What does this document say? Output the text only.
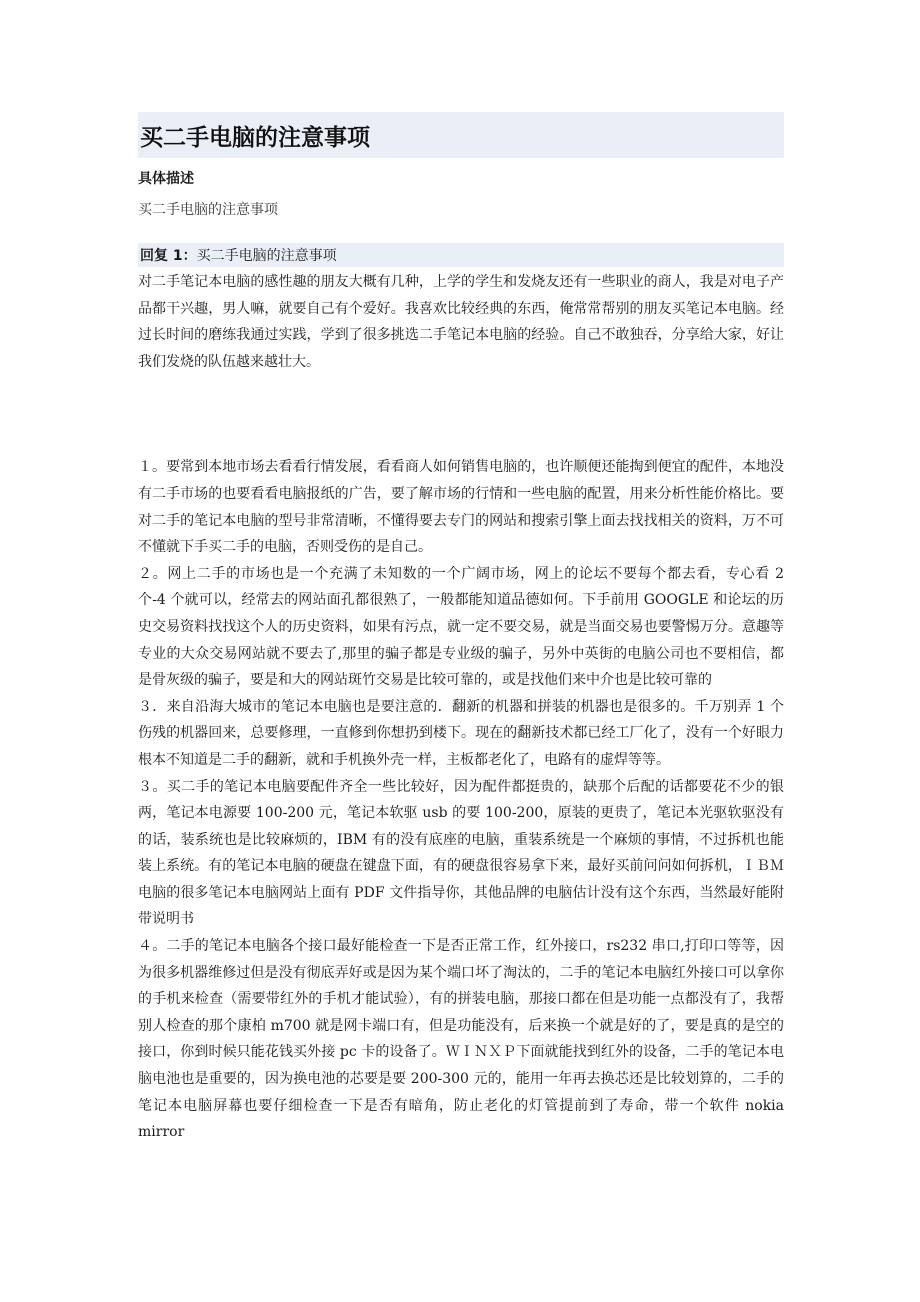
买二手电脑的注意事项
具体描述
买二手电脑的注意事项
回复 1： 买二手电脑的注意事项

对二手笔记本电脑的感性趣的朋友大概有几种，上学的学生和发烧友还有一些职业的商人，我是对电子产品都干兴趣，男人嘛，就要自己有个爱好。我喜欢比较经典的东西，俺常常帮别的朋友买笔记本电脑。经过长时间的磨练我通过实践，学到了很多挑选二手笔记本电脑的经验。自己不敢独吞，分享给大家，好让我们发烧的队伍越来越壮大。

１。要常到本地市场去看看行情发展，看看商人如何销售电脑的，也许顺便还能掏到便宜的配件，本地没有二手市场的也要看看电脑报纸的广告，要了解市场的行情和一些电脑的配置，用来分析性能价格比。要对二手的笔记本电脑的型号非常清晰，不懂得要去专门的网站和搜索引擎上面去找找相关的资料，万不可不懂就下手买二手的电脑，否则受伤的是自己。

２。网上二手的市场也是一个充满了未知数的一个广阔市场，网上的论坛不要每个都去看，专心看 2 个-4 个就可以，经常去的网站面孔都很熟了，一般都能知道品德如何。下手前用 GOOGLE 和论坛的历史交易资料找找这个人的历史资料，如果有污点，就一定不要交易，就是当面交易也要警惕万分。意趣等专业的大众交易网站就不要去了,那里的骗子都是专业级的骗子，另外中英街的电脑公司也不要相信，都是骨灰级的骗子，要是和大的网站斑竹交易是比较可靠的，或是找他们来中介也是比较可靠的

３．来自沿海大城市的笔记本电脑也是要注意的．翻新的机器和拼装的机器也是很多的。千万别弄 1 个伤残的机器回来，总要修理，一直修到你想扔到楼下。现在的翻新技术都已经工厂化了，没有一个好眼力根本不知道是二手的翻新，就和手机换外壳一样，主板都老化了，电路有的虚焊等等。

３。买二手的笔记本电脑要配件齐全一些比较好，因为配件都挺贵的，缺那个后配的话都要花不少的银两，笔记本电源要 100-200 元，笔记本软驱 usb 的要 100-200，原装的更贵了，笔记本光驱软驱没有的话，装系统也是比较麻烦的，IBM 有的没有底座的电脑，重装系统是一个麻烦的事情，不过拆机也能装上系统。有的笔记本电脑的硬盘在键盘下面，有的硬盘很容易拿下来，最好买前问问如何拆机，ＩＢＭ电脑的很多笔记本电脑网站上面有 PDF 文件指导你，其他品牌的电脑估计没有这个东西，当然最好能附带说明书

４。二手的笔记本电脑各个接口最好能检查一下是否正常工作，红外接口，rs232 串口,打印口等等，因为很多机器维修过但是没有彻底弄好或是因为某个端口坏了淘汰的，二手的笔记本电脑红外接口可以拿你的手机来检查（需要带红外的手机才能试验），有的拼装电脑，那接口都在但是功能一点都没有了，我帮别人检查的那个康柏 m700 就是网卡端口有，但是功能没有，后来换一个就是好的了，要是真的是空的接口，你到时候只能花钱买外接 pc 卡的设备了。ＷＩＮＸＰ下面就能找到红外的设备，二手的笔记本电脑电池也是重要的，因为换电池的芯要是要 200-300 元的，能用一年再去换芯还是比较划算的，二手的笔记本电脑屏幕也要仔细检查一下是否有暗角，防止老化的灯管提前到了寿命，带一个软件 nokia mirror
